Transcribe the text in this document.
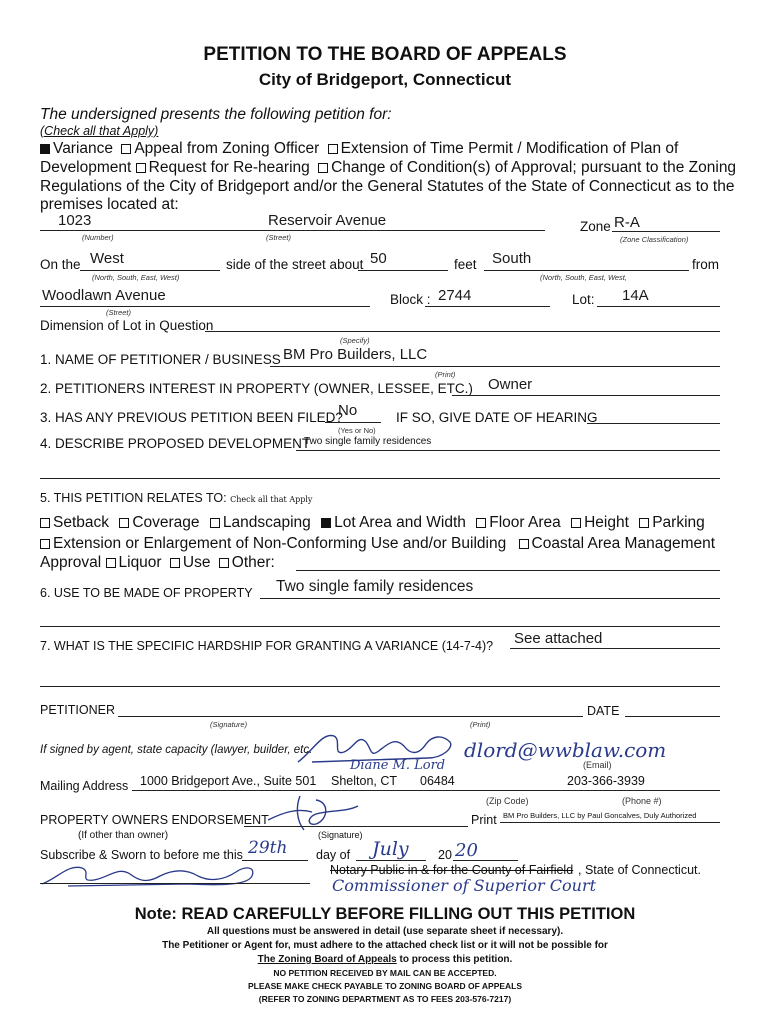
PETITION TO THE BOARD OF APPEALS
City of Bridgeport, Connecticut
The undersigned presents the following petition for:
(Check all that Apply)
Variance Appeal from Zoning Officer Extension of Time Permit / Modification of Plan of
Development Request for Re-hearing Change of Condition(s) of Approval; pursuant to the Zoning
Regulations of the City of Bridgeport and/or the General Statutes of the State of Connecticut as to the
premises located at:
1023	Reservoir Avenue	Zone R-A
(Number)	(Street)	(Zone Classification)
On the West	side of the street about 50	feet South	from
(North, South, East, West)	(North, South, East, West,
Woodlawn Avenue
(Street)
Block : 2744	Lot: 14A
Dimension of Lot in Question
(Specify)
1. NAME OF PETITIONER / BUSINESS BM Pro Builders, LLC
(Print)
2. PETITIONERS INTEREST IN PROPERTY (OWNER, LESSEE, ETC.) Owner
3. HAS ANY PREVIOUS PETITION BEEN FILED?
No
(Yes or No)
IF SO, GIVE DATE OF HEARING
4. DESCRIBE PROPOSED DEVELOPMENT
Two single family residences
5. THIS PETITION RELATES TO: Check all that Apply
Setback Coverage Landscaping Lot Area and Width Floor Area Height Parking
Extension or Enlargement of Non-Conforming Use and/or Building Coastal Area Management
Approval Liquor Use Other:
6. USE TO BE MADE OF PROPERTY Two single family residences
7. WHAT IS THE SPECIFIC HARDSHIP FOR GRANTING A VARIANCE (14-7-4)? See attached
PETITIONER	DATE
(Signature)	(Print)
If signed by agent, state capacity (lawyer, builder, etc.	dlord@wwblaw.com
Diane M. Lord	(Email)
Mailing Address 1000 Bridgeport Ave., Suite 501 Shelton, CT 06484	203-366-3939
(Zip Code)	(Phone #)
PROPERTY OWNERS ENDORSEMENT	Print BM Pro Builders, LLC by Paul Goncalves, Duly Authorized
(If other than owner)	(Signature)
Subscribe & Sworn to before me this 29th day of July 20 20
Notary Public in & for the County of Fairfield , State of Connecticut.
Commissioner of Superior Court
Note: READ CAREFULLY BEFORE FILLING OUT THIS PETITION
All questions must be answered in detail (use separate sheet if necessary).
The Petitioner or Agent for, must adhere to the attached check list or it will not be possible for
The Zoning Board of Appeals to process this petition.
NO PETITION RECEIVED BY MAIL CAN BE ACCEPTED.
PLEASE MAKE CHECK PAYABLE TO ZONING BOARD OF APPEALS
(REFER TO ZONING DEPARTMENT AS TO FEES 203-576-7217)
